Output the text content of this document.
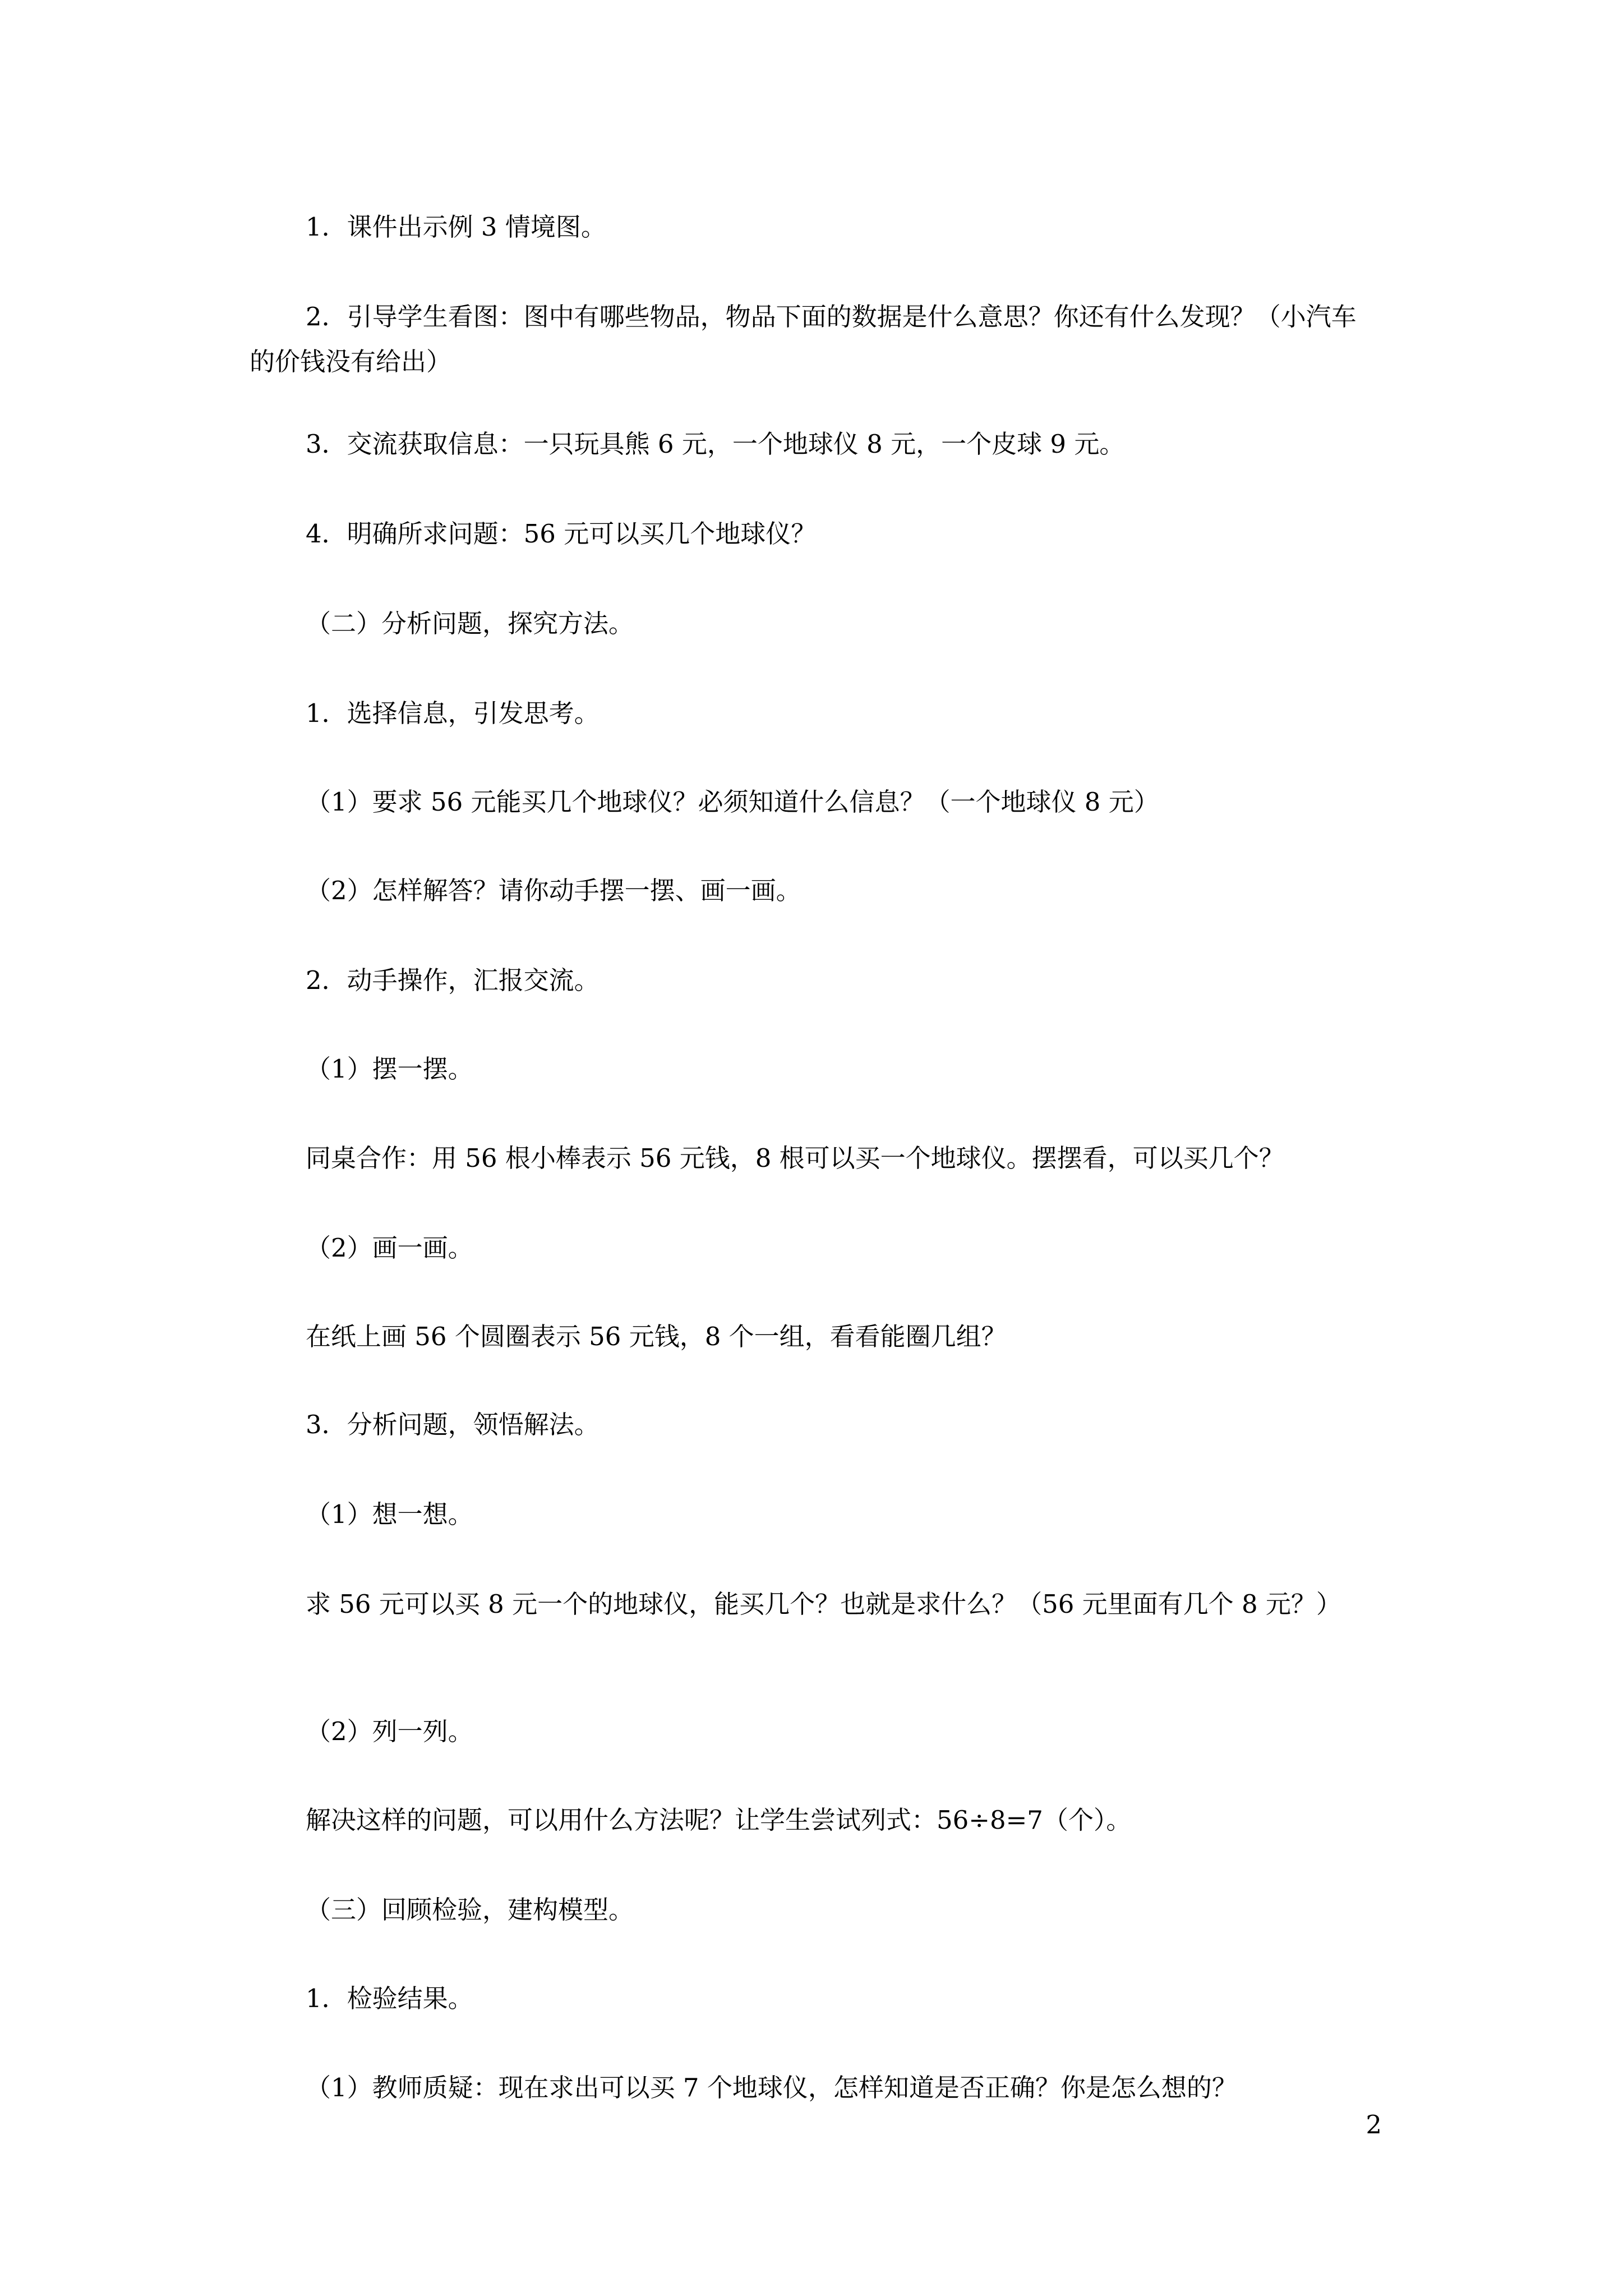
1．课件出示例 3 情境图。
2．引导学生看图：图中有哪些物品，物品下面的数据是什么意思？你还有什么发现？（小汽车的价钱没有给出）
3．交流获取信息：一只玩具熊 6 元，一个地球仪 8 元，一个皮球 9 元。
4．明确所求问题：56 元可以买几个地球仪？
（二）分析问题，探究方法。
1．选择信息，引发思考。
（1）要求 56 元能买几个地球仪？必须知道什么信息？（一个地球仪 8 元）
（2）怎样解答？请你动手摆一摆、画一画。
2．动手操作，汇报交流。
（1）摆一摆。
同桌合作：用 56 根小棒表示 56 元钱，8 根可以买一个地球仪。摆摆看，可以买几个？
（2）画一画。
在纸上画 56 个圆圈表示 56 元钱，8 个一组，看看能圈几组？
3．分析问题，领悟解法。
（1）想一想。
求 56 元可以买 8 元一个的地球仪，能买几个？也就是求什么？（56 元里面有几个 8 元？）
（2）列一列。
解决这样的问题，可以用什么方法呢？让学生尝试列式：56÷8=7（个）。
（三）回顾检验，建构模型。
1．检验结果。
（1）教师质疑：现在求出可以买 7 个地球仪，怎样知道是否正确？你是怎么想的？
2
